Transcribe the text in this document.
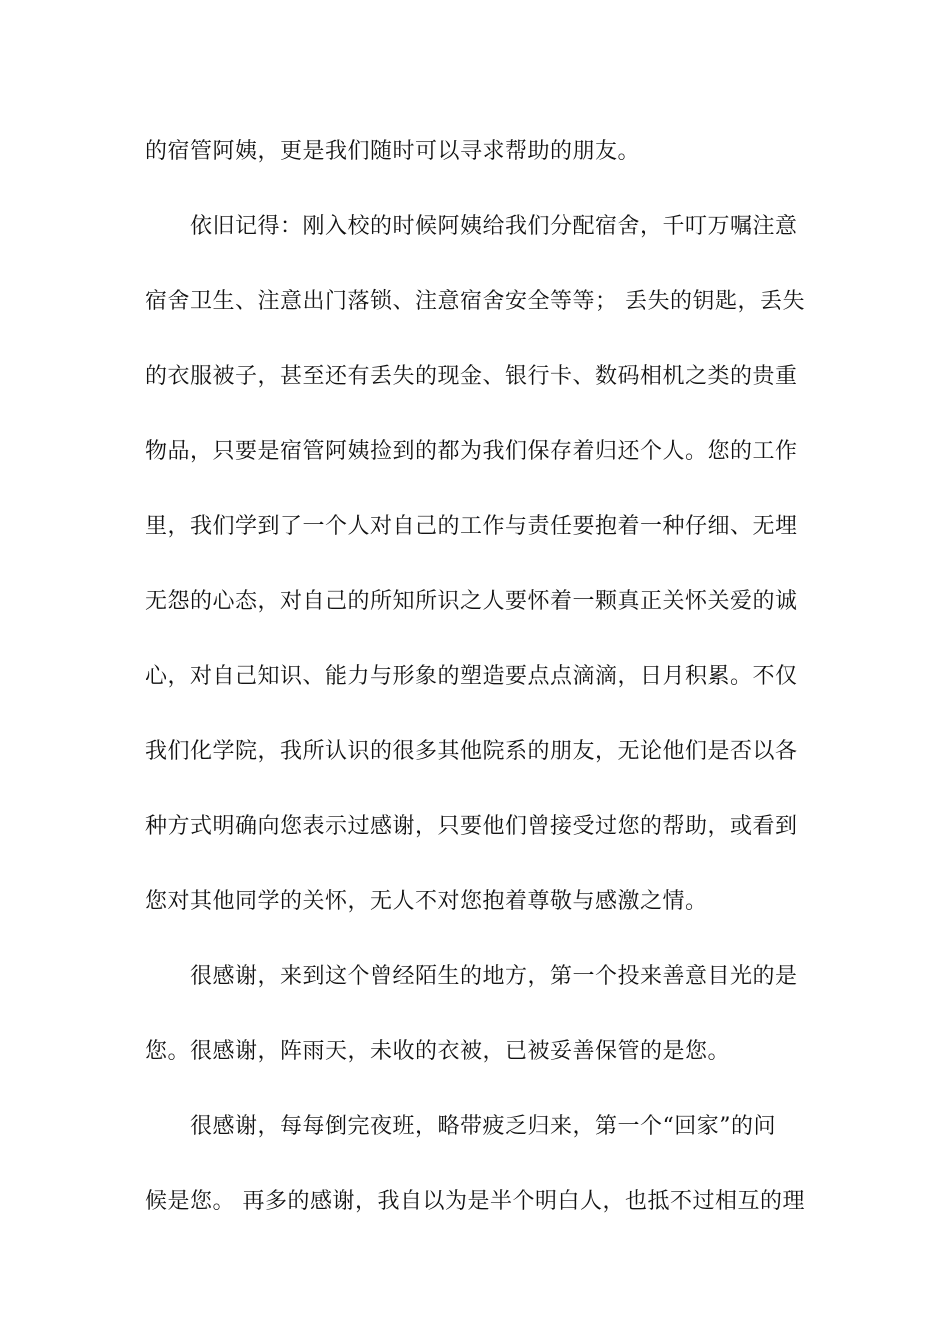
的宿管阿姨，更是我们随时可以寻求帮助的朋友。
依旧记得：刚入校的时候阿姨给我们分配宿舍，千叮万嘱注意
宿舍卫生、注意出门落锁、注意宿舍安全等等； 丢失的钥匙，丢失
的衣服被子，甚至还有丢失的现金、银行卡、数码相机之类的贵重
物品，只要是宿管阿姨捡到的都为我们保存着归还个人。您的工作
里，我们学到了一个人对自己的工作与责任要抱着一种仔细、无埋
无怨的心态，对自己的所知所识之人要怀着一颗真正关怀关爱的诚
心，对自己知识、能力与形象的塑造要点点滴滴，日月积累。不仅
我们化学院，我所认识的很多其他院系的朋友，无论他们是否以各
种方式明确向您表示过感谢，只要他们曾接受过您的帮助，或看到
您对其他同学的关怀，无人不对您抱着尊敬与感激之情。
很感谢，来到这个曾经陌生的地方，第一个投来善意目光的是
您。很感谢，阵雨天，未收的衣被，已被妥善保管的是您。
很感谢，每每倒完夜班，略带疲乏归来，第一个“回家”的问
候是您。 再多的感谢，我自以为是半个明白人，也抵不过相互的理
